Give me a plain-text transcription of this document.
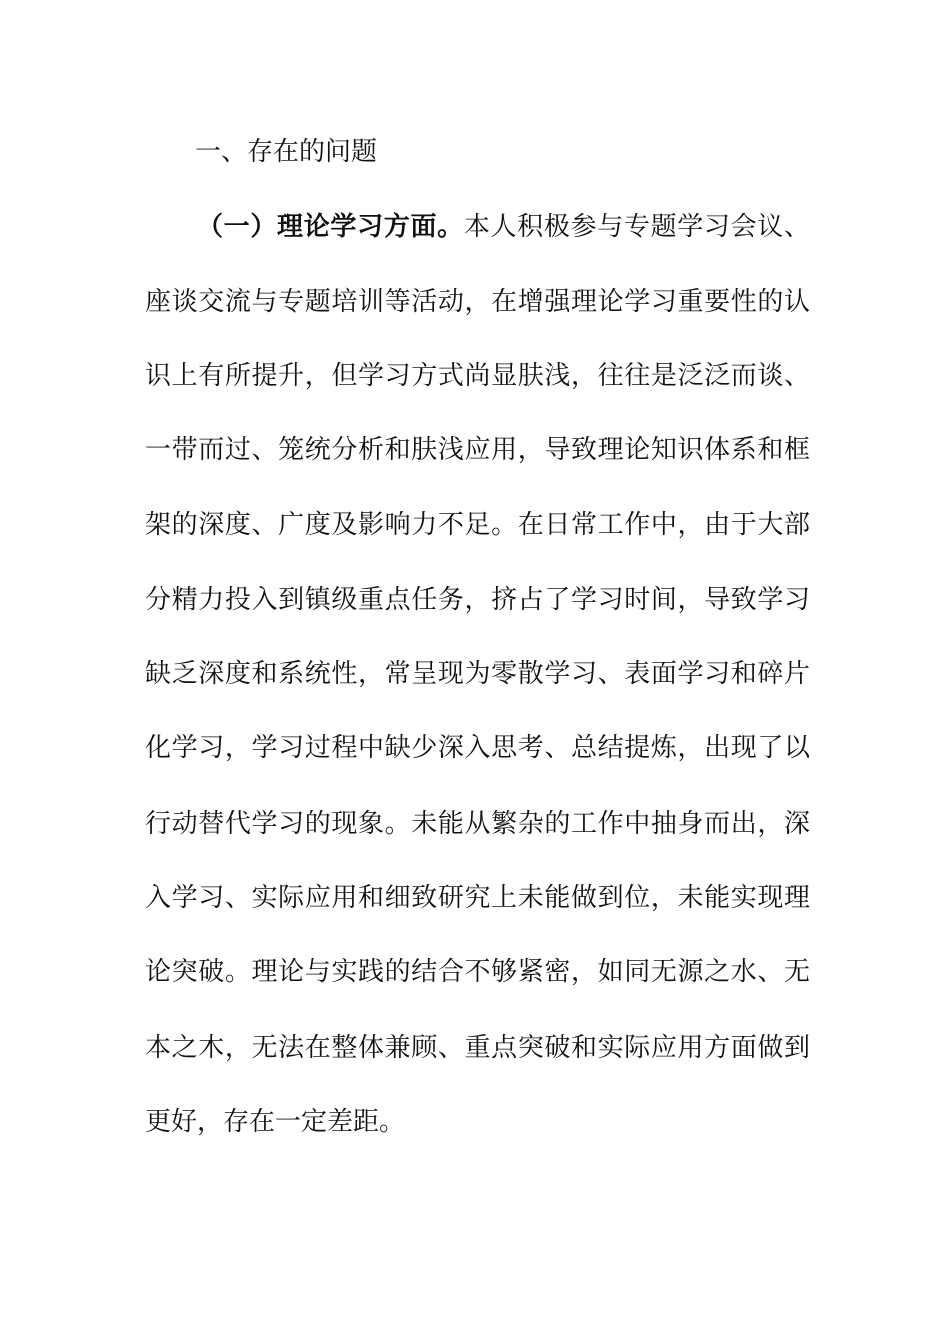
一、存在的问题
（一）理论学习方面。本人积极参与专题学习会议、
座谈交流与专题培训等活动，在增强理论学习重要性的认
识上有所提升，但学习方式尚显肤浅，往往是泛泛而谈、
一带而过、笼统分析和肤浅应用，导致理论知识体系和框
架的深度、广度及影响力不足。在日常工作中，由于大部
分精力投入到镇级重点任务，挤占了学习时间，导致学习
缺乏深度和系统性，常呈现为零散学习、表面学习和碎片
化学习，学习过程中缺少深入思考、总结提炼，出现了以
行动替代学习的现象。未能从繁杂的工作中抽身而出，深
入学习、实际应用和细致研究上未能做到位，未能实现理
论突破。理论与实践的结合不够紧密，如同无源之水、无
本之木，无法在整体兼顾、重点突破和实际应用方面做到
更好，存在一定差距。
